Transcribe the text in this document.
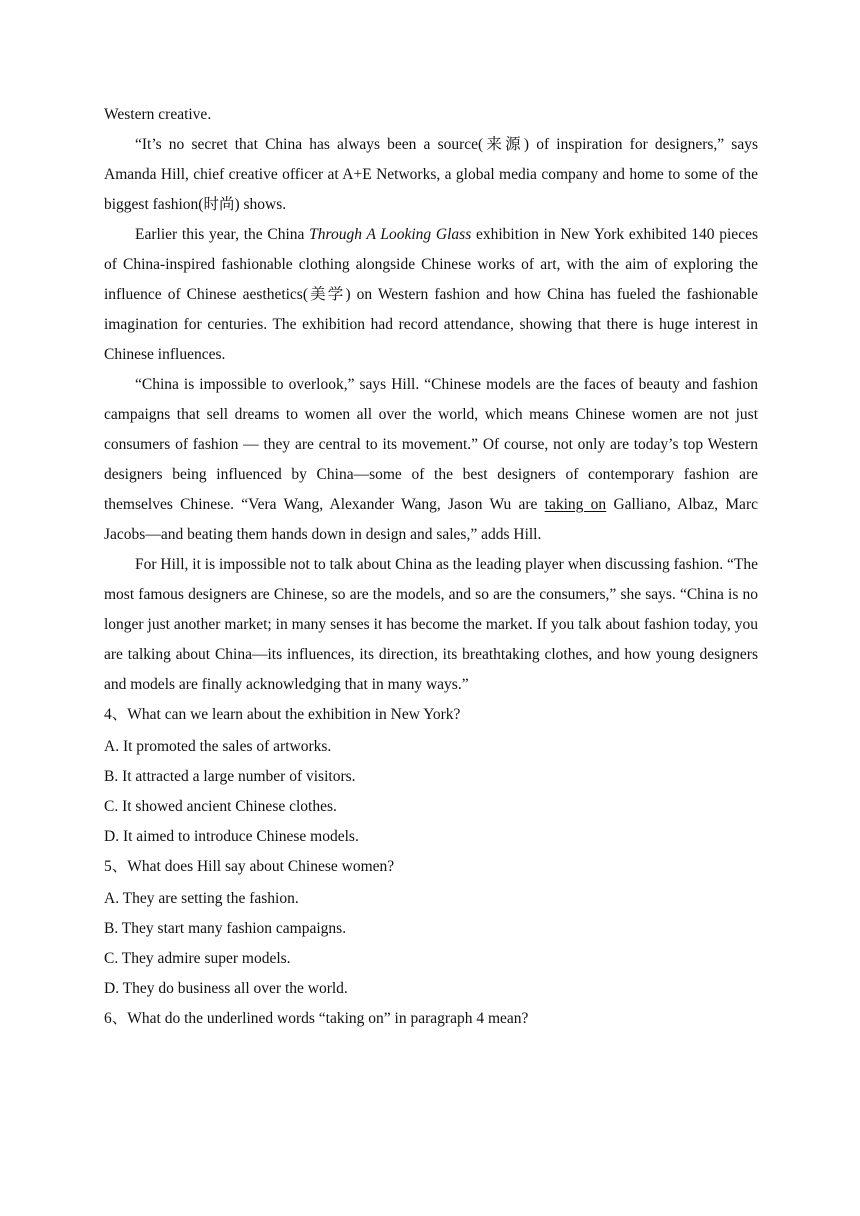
Western creative.

“It’s no secret that China has always been a source(来源) of inspiration for designers,” says Amanda Hill, chief creative officer at A+E Networks, a global media company and home to some of the biggest fashion(时尚) shows.

Earlier this year, the China Through A Looking Glass exhibition in New York exhibited 140 pieces of China-inspired fashionable clothing alongside Chinese works of art, with the aim of exploring the influence of Chinese aesthetics(美学) on Western fashion and how China has fueled the fashionable imagination for centuries. The exhibition had record attendance, showing that there is huge interest in Chinese influences.

“China is impossible to overlook,” says Hill. “Chinese models are the faces of beauty and fashion campaigns that sell dreams to women all over the world, which means Chinese women are not just consumers of fashion — they are central to its movement.” Of course, not only are today’s top Western designers being influenced by China—some of the best designers of contemporary fashion are themselves Chinese. “Vera Wang, Alexander Wang, Jason Wu are taking on Galliano, Albaz, Marc Jacobs—and beating them hands down in design and sales,” adds Hill.

For Hill, it is impossible not to talk about China as the leading player when discussing fashion. “The most famous designers are Chinese, so are the models, and so are the consumers,” she says. “China is no longer just another market; in many senses it has become the market. If you talk about fashion today, you are talking about China—its influences, its direction, its breathtaking clothes, and how young designers and models are finally acknowledging that in many ways.”

4、What can we learn about the exhibition in New York?

A. It promoted the sales of artworks.

B. It attracted a large number of visitors.

C. It showed ancient Chinese clothes.

D. It aimed to introduce Chinese models.

5、What does Hill say about Chinese women?

A. They are setting the fashion.

B. They start many fashion campaigns.

C. They admire super models.

D. They do business all over the world.

6、What do the underlined words “taking on” in paragraph 4 mean?
